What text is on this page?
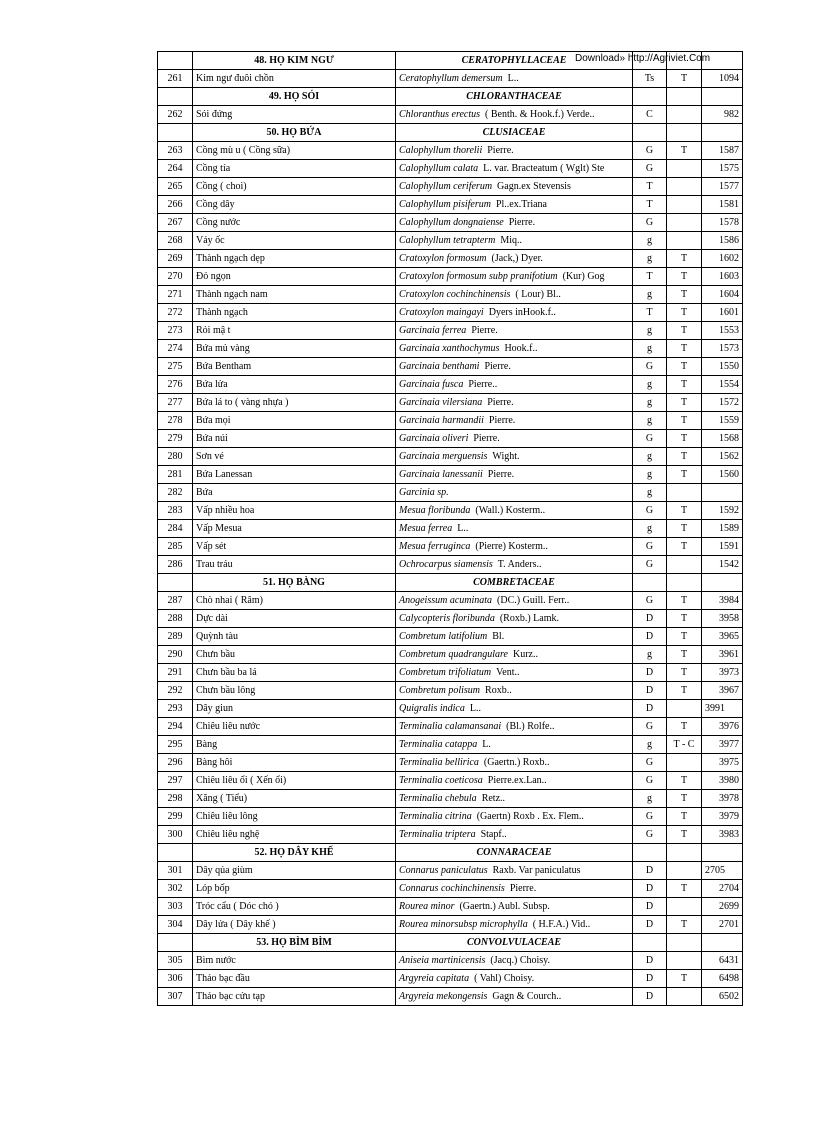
	48. HỌ KIM NGƯ	CERATOPHYLLACEAE			
261	Kim ngư đuôi chồn	Ceratophyllum demersum L..	Ts	T	1094
	49. HỌ SÓI	CHLORANTHACEAE			
262	Sói đứng	Chloranthus erectus ( Benth. & Hook.f.) Verde..	C		982
	50. HỌ BỨA	CLUSIACEAE			
263	Cồng mù u ( Cồng sữa)	Calophyllum thorelii Pierre.	G	T	1587
264	Cồng tía	Calophyllum calata L. var. Bracteatum ( Wglt) Ste	G		1575
265	Cồng ( choi)	Calophyllum ceriferum Gagn.ex Stevensis	T		1577
266	Cồng dây	Calophyllum pisiferum Pl..ex.Triana	T		1581
267	Cồng nước	Calophyllum dongnaiense Pierre.	G		1578
268	Vảy ốc	Calophyllum tetrapterm Miq..	g		1586
269	Thành ngạch dẹp	Cratoxylon formosum (Jack,) Dyer.	g	T	1602
270	Đỏ ngọn	Cratoxylon formosum subp pranifotium (Kur) Gog	T	T	1603
271	Thành ngạch nam	Cratoxylon cochinchinensis ( Lour) Bl..	g	T	1604
272	Thành ngạch	Cratoxylon maingayi Dyers inHook.f..	T	T	1601
273	Rỏi mậ t	Garcinaia ferrea Pierre.	g	T	1553
274	Bứa mủ vàng	Garcinaia xanthochymus Hook.f..	g	T	1573
275	Bứa Bentham	Garcinaia benthami Pierre.	G	T	1550
276	Bứa lửa	Garcinaia fusca Pierre..	g	T	1554
277	Bứa lá to ( vàng nhựa )	Garcinaia vilersiana Pierre.	g	T	1572
278	Bứa mọi	Garcinaia harmandii Pierre.	g	T	1559
279	Bứa núi	Garcinaia oliveri Pierre.	G	T	1568
280	Sơn vé	Garcinaia merguensis Wight.	g	T	1562
281	Bứa Lanessan	Garcinaia lanessanii Pierre.	g	T	1560
282	Bứa	Garcinia sp.	g		
283	Vấp nhiều hoa	Mesua floribunda (Wall.) Kosterm..	G	T	1592
284	Vấp Mesua	Mesua ferrea L..	g	T	1589
285	Vấp sét	Mesua ferruginca (Pierre) Kosterm..	G	T	1591
286	Trau tráu	Ochrocarpus siamensis T. Anders..	G		1542
	51. HỌ BÀNG	COMBRETACEAE			
287	Chò nhai ( Râm)	Anogeissum acuminata (DC.) Guill. Ferr..	G	T	3984
288	Dực dài	Calycopteris floribunda (Roxb.) Lamk.	D	T	3958
289	Quỳnh tàu	Combretum latifolium Bl.	D	T	3965
290	Chưn bầu	Combretum quadrangulare Kurz..	g	T	3961
291	Chưn bầu ba lá	Combretum trifoliatum Vent..	D	T	3973
292	Chưn bầu lông	Combretum polisum Roxb..	D	T	3967
293	Dây giun	Quigralis indica L..	D		3991
294	Chiêu liêu nước	Terminalia calamansanai (Bl.) Rolfe..	G	T	3976
295	Bàng	Terminalia catappa L.	g	T - C	3977
296	Bàng hôi	Terminalia bellirica (Gaertn.) Roxb..	G		3975
297	Chiêu liêu ổi ( Xến ổi)	Terminalia coeticosa Pierre.ex.Lan..	G	T	3980
298	Xăng ( Tiểu)	Terminalia chebula Retz..	g	T	3978
299	Chiêu liêu lông	Terminalia citrina (Gaertn) Roxb . Ex. Flem..	G	T	3979
300	Chiêu liêu nghệ	Terminalia triptera Stapf..	G	T	3983
	52. HỌ DÂY KHẾ	CONNARACEAE			
301	Dây qủa giùm	Connarus paniculatus Raxb. Var paniculatus	D		2705
302	Lóp bốp	Connarus cochinchinensis Pierre.	D	T	2704
303	Tróc cẩu ( Dóc chó )	Rourea minor (Gaertn.) Aubl. Subsp.	D		2699
304	Dây lửa ( Dây khế )	Rourea minorsubsp microphylla ( H.F.A.) Vid..	D	T	2701
	53. HỌ BÌM BÌM	CONVOLVULACEAE			
305	Bìm nước	Aniseia martinicensis (Jacq.) Choisy.	D		6431
306	Thảo bạc đầu	Argyreia capitata ( Vahl) Choisy.	D	T	6498
307	Thảo bạc cửu tạp	Argyreia mekongensis Gagn & Courch..	D		6502
Download» http://Agriviet.Com
